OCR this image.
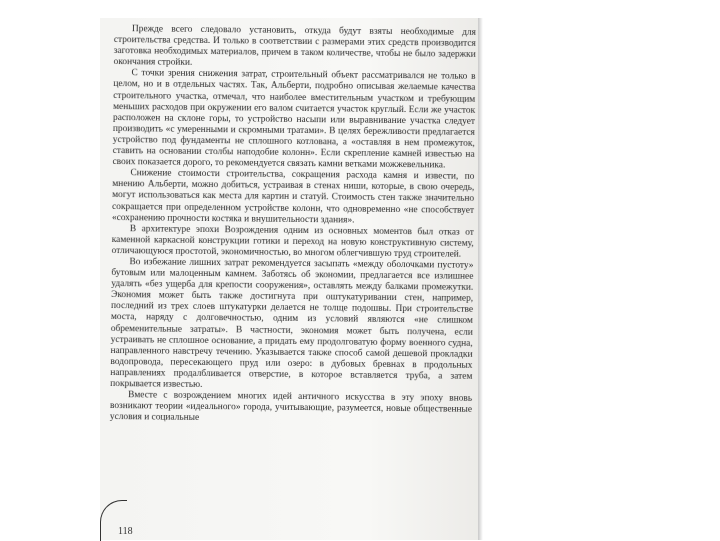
Прежде всего следовало установить, откуда будут взяты необходимые для строительства средства. И только в соответствии с размерами этих средств производится заготовка необходимых материалов, причем в таком количестве, чтобы не было задержки окончания стройки.

С точки зрения снижения затрат, строительный объект рассматривался не только в целом, но и в отдельных частях. Так, Альберти, подробно описывая желаемые качества строительного участка, отмечал, что наиболее вместительным участком и требующим меньших расходов при окружении его валом считается участок круглый. Если же участок расположен на склоне горы, то устройство насыпи или выравнивание участка следует производить «с умеренными и скромными тратами». В целях бережливости предлагается устройство под фундаменты не сплошного котлована, а «оставляя в нем промежуток, ставить на основании столбы наподобие колонн». Если скрепление камней известью на своих показается дорого, то рекомендуется связать камни ветками можжевельника.

Снижение стоимости строительства, сокращения расхода камня и извести, по мнению Альберти, можно добиться, устраивая в стенах ниши, которые, в свою очередь, могут использоваться как места для картин и статуй. Стоимость стен также значительно сокращается при определенном устройстве колонн, что одновременно «не способствует «сохранению прочности костяка и внушительности здания».

В архитектуре эпохи Возрождения одним из основных моментов был отказ от каменной каркасной конструкции готики и переход на новую конструктивную систему, отличающуюся простотой, экономичностью, во многом облегчившую труд строителей.

Во избежание лишних затрат рекомендуется засыпать «между оболочками пустоту» бутовым или малоценным камнем. Заботясь об экономии, предлагается все излишнее удалять «без ущерба для крепости сооружения», оставлять между балками промежутки. Экономия может быть также достигнута при оштукатуривании стен, например, последний из трех слоев штукатурки делается не толще подошвы. При строительстве моста, наряду с долговечностью, одним из условий являются «не слишком обременительные затраты». В частности, экономия может быть получена, если устраивать не сплошное основание, а придать ему продолговатую форму военного судна, направленного навстречу течению. Указывается также способ самой дешевой прокладки водопровода, пересекающего пруд или озеро: в дубовых бревнах в продольных направлениях продалбливается отверстие, в которое вставляется труба, а затем покрывается известью.

Вместе с возрождением многих идей античного искусства в эту эпоху вновь возникают теории «идеального» города, учитывающие, разумеется, новые общественные условия и социальные

118
